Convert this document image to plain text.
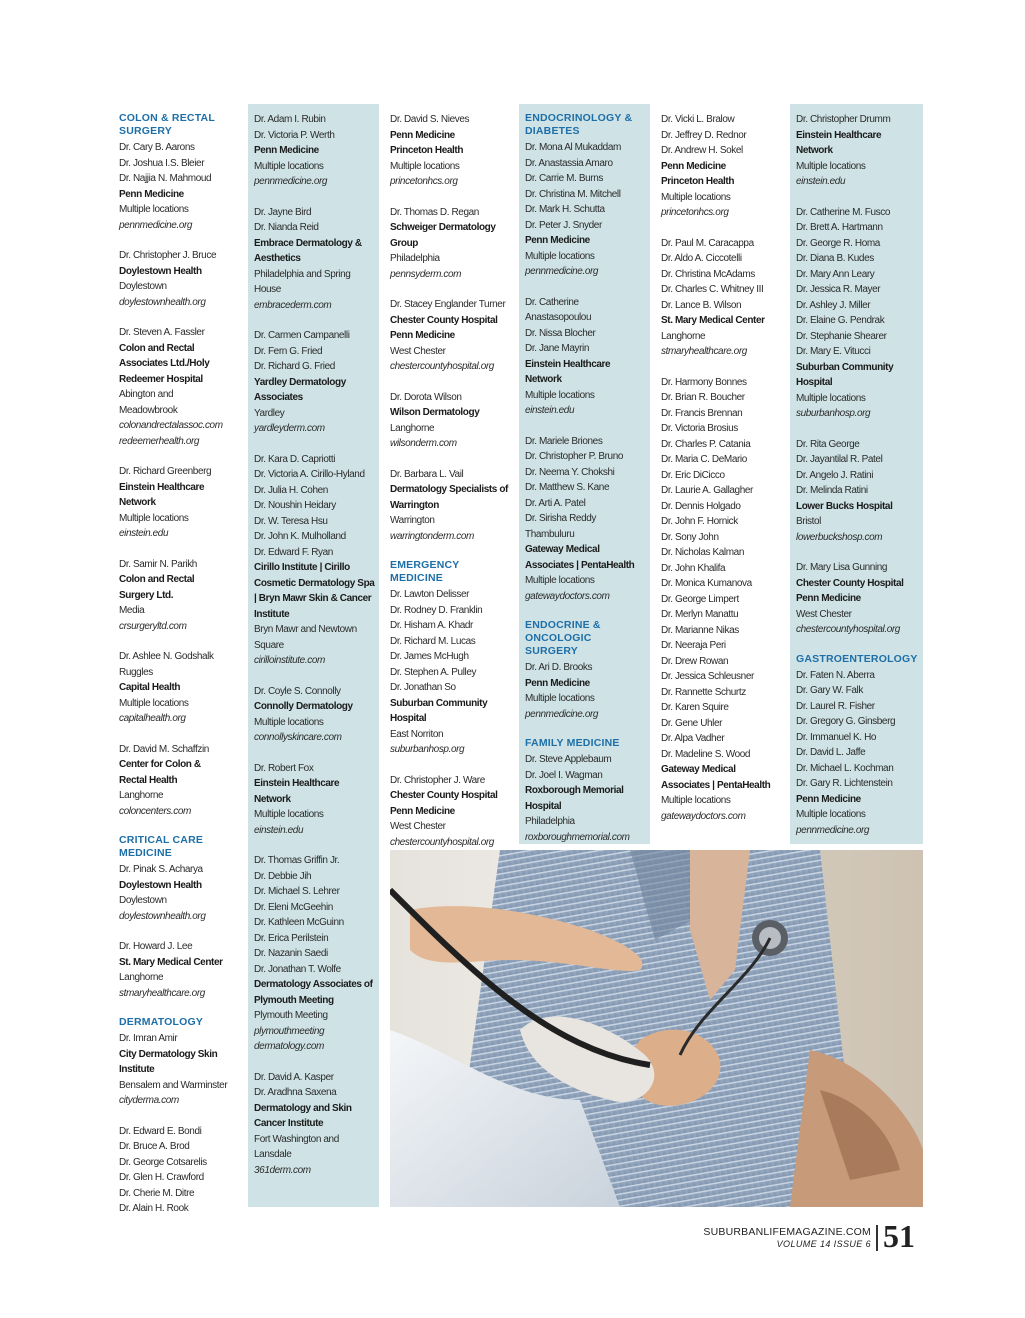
COLON & RECTAL SURGERY
Dr. Cary B. Aarons
Dr. Joshua I.S. Bleier
Dr. Najjia N. Mahmoud
Penn Medicine
Multiple locations
pennmedicine.org
Dr. Christopher J. Bruce
Doylestown Health
Doylestown
doylestownhealth.org
Dr. Steven A. Fassler
Colon and Rectal Associates Ltd./Holy Redeemer Hospital
Abington and Meadowbrook
colonandrectalassoc.com
redeemerhealth.org
Dr. Richard Greenberg
Einstein Healthcare Network
Multiple locations
einstein.edu
Dr. Samir N. Parikh
Colon and Rectal Surgery Ltd.
Media
crsurgeryltd.com
Dr. Ashlee N. Godshalk Ruggles
Capital Health
Multiple locations
capitalhealth.org
Dr. David M. Schaffzin
Center for Colon & Rectal Health
Langhorne
coloncenters.com
CRITICAL CARE MEDICINE
Dr. Pinak S. Acharya
Doylestown Health
Doylestown
doylestownhealth.org
Dr. Howard J. Lee
St. Mary Medical Center
Langhorne
stmaryhealthcare.org
DERMATOLOGY
Dr. Imran Amir
City Dermatology Skin Institute
Bensalem and Warminster
cityderma.com
Dr. Edward E. Bondi
Dr. Bruce A. Brod
Dr. George Cotsarelis
Dr. Glen H. Crawford
Dr. Cherie M. Ditre
Dr. Alain H. Rook
Dr. Adam I. Rubin
Dr. Victoria P. Werth
Penn Medicine
Multiple locations
pennmedicine.org
Dr. Jayne Bird
Dr. Nianda Reid
Embrace Dermatology & Aesthetics
Philadelphia and Spring House
embracederm.com
Dr. Carmen Campanelli
Dr. Fern G. Fried
Dr. Richard G. Fried
Yardley Dermatology Associates
Yardley
yardleyderm.com
Dr. Kara D. Capriotti
Dr. Victoria A. Cirillo-Hyland
Dr. Julia H. Cohen
Dr. Noushin Heidary
Dr. W. Teresa Hsu
Dr. John K. Mulholland
Dr. Edward F. Ryan
Cirillo Institute | Cirillo Cosmetic Dermatology Spa | Bryn Mawr Skin & Cancer Institute
Bryn Mawr and Newtown Square
cirilloinstitute.com
Dr. Coyle S. Connolly
Connolly Dermatology
Multiple locations
connollyskincare.com
Dr. Robert Fox
Einstein Healthcare Network
Multiple locations
einstein.edu
Dr. Thomas Griffin Jr.
Dr. Debbie Jih
Dr. Michael S. Lehrer
Dr. Eleni McGeehin
Dr. Kathleen McGuinn
Dr. Erica Perilstein
Dr. Nazanin Saedi
Dr. Jonathan T. Wolfe
Dermatology Associates of Plymouth Meeting
Plymouth Meeting
plymouthmeeting dermatology.com
Dr. David A. Kasper
Dr. Aradhna Saxena
Dermatology and Skin Cancer Institute
Fort Washington and Lansdale
361derm.com
Dr. David S. Nieves
Penn Medicine
Princeton Health
Multiple locations
princetonhcs.org
Dr. Thomas D. Regan
Schweiger Dermatology Group
Philadelphia
pennsyderm.com
Dr. Stacey Englander Turner
Chester County Hospital
Penn Medicine
West Chester
chestercountyhospital.org
Dr. Dorota Wilson
Wilson Dermatology
Langhorne
wilsonderm.com
Dr. Barbara L. Vail
Dermatology Specialists of Warrington
Warrington
warringtonderm.com
EMERGENCY MEDICINE
Dr. Lawton Delisser
Dr. Rodney D. Franklin
Dr. Hisham A. Khadr
Dr. Richard M. Lucas
Dr. James McHugh
Dr. Stephen A. Pulley
Dr. Jonathan So
Suburban Community Hospital
East Norriton
suburbanhosp.org
Dr. Christopher J. Ware
Chester County Hospital
Penn Medicine
West Chester
chestercountyhospital.org
ENDOCRINOLOGY & DIABETES
Dr. Mona Al Mukaddam
Dr. Anastassia Amaro
Dr. Carrie M. Burns
Dr. Christina M. Mitchell
Dr. Mark H. Schutta
Dr. Peter J. Snyder
Penn Medicine
Multiple locations
pennmedicine.org
Dr. Catherine Anastasopoulou
Dr. Nissa Blocher
Dr. Jane Mayrin
Einstein Healthcare Network
Multiple locations
einstein.edu
Dr. Mariele Briones
Dr. Christopher P. Bruno
Dr. Neema Y. Chokshi
Dr. Matthew S. Kane
Dr. Arti A. Patel
Dr. Sirisha Reddy Thambuluru
Gateway Medical Associates | PentaHealth
Multiple locations
gatewaydoctors.com
ENDOCRINE & ONCOLOGIC SURGERY
Dr. Ari D. Brooks
Penn Medicine
Multiple locations
pennmedicine.org
FAMILY MEDICINE
Dr. Steve Applebaum
Dr. Joel I. Wagman
Roxborough Memorial Hospital
Philadelphia
roxboroughmemorial.com
Dr. Vicki L. Bralow
Dr. Jeffrey D. Rednor
Dr. Andrew H. Sokel
Penn Medicine
Princeton Health
Multiple locations
princetonhcs.org
Dr. Paul M. Caracappa
Dr. Aldo A. Ciccotelli
Dr. Christina McAdams
Dr. Charles C. Whitney III
Dr. Lance B. Wilson
St. Mary Medical Center
Langhorne
stmaryhealthcare.org
Dr. Harmony Bonnes
Dr. Brian R. Boucher
Dr. Francis Brennan
Dr. Victoria Brosius
Dr. Charles P. Catania
Dr. Maria C. DeMario
Dr. Eric DiCicco
Dr. Laurie A. Gallagher
Dr. Dennis Holgado
Dr. John F. Hornick
Dr. Sony John
Dr. Nicholas Kalman
Dr. John Khalifa
Dr. Monica Kumanova
Dr. George Limpert
Dr. Merlyn Manattu
Dr. Marianne Nikas
Dr. Neeraja Peri
Dr. Drew Rowan
Dr. Jessica Schleusner
Dr. Rannette Schurtz
Dr. Karen Squire
Dr. Gene Uhler
Dr. Alpa Vadher
Dr. Madeline S. Wood
Gateway Medical Associates | PentaHealth
Multiple locations
gatewaydoctors.com
Dr. Christopher Drumm
Einstein Healthcare Network
Multiple locations
einstein.edu
Dr. Catherine M. Fusco
Dr. Brett A. Hartmann
Dr. George R. Homa
Dr. Diana B. Kudes
Dr. Mary Ann Leary
Dr. Jessica R. Mayer
Dr. Ashley J. Miller
Dr. Elaine G. Pendrak
Dr. Stephanie Shearer
Dr. Mary E. Vitucci
Suburban Community Hospital
Multiple locations
suburbanhosp.org
Dr. Rita George
Dr. Jayantilal R. Patel
Dr. Angelo J. Ratini
Dr. Melinda Ratini
Lower Bucks Hospital
Bristol
lowerbuckshosp.com
Dr. Mary Lisa Gunning
Chester County Hospital
Penn Medicine
West Chester
chestercountyhospital.org
GASTROENTEROLOGY
Dr. Faten N. Aberra
Dr. Gary W. Falk
Dr. Laurel R. Fisher
Dr. Gregory G. Ginsberg
Dr. Immanuel K. Ho
Dr. David L. Jaffe
Dr. Michael L. Kochman
Dr. Gary R. Lichtenstein
Penn Medicine
Multiple locations
pennmedicine.org
SUBURBANLIFEMAGAZINE.COM
VOLUME 14 ISSUE 6 51
